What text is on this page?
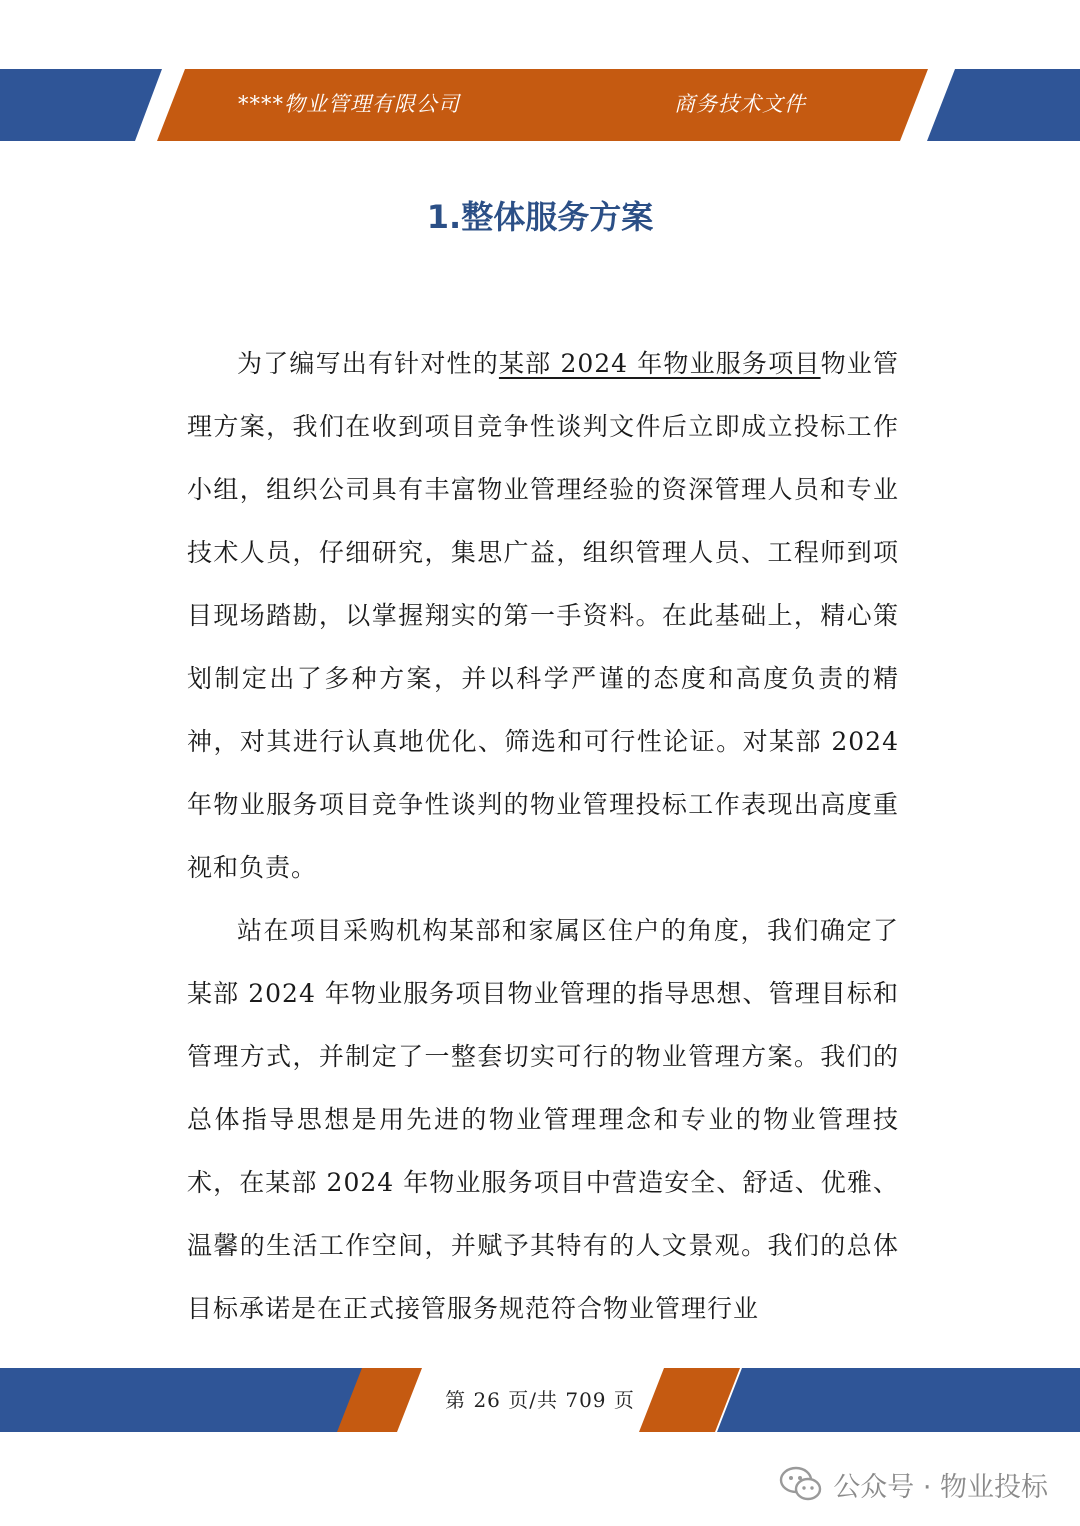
****物业管理有限公司	商务技术文件
1.整体服务方案

为了编写出有针对性的某部 2024 年物业服务项目物业管理方案，我们在收到项目竞争性谈判文件后立即成立投标工作小组，组织公司具有丰富物业管理经验的资深管理人员和专业技术人员，仔细研究，集思广益，组织管理人员、工程师到项目现场踏勘，以掌握翔实的第一手资料。在此基础上，精心策划制定出了多种方案，并以科学严谨的态度和高度负责的精神，对其进行认真地优化、筛选和可行性论证。对某部 2024 年物业服务项目竞争性谈判的物业管理投标工作表现出高度重视和负责。

站在项目采购机构某部和家属区住户的角度，我们确定了某部 2024 年物业服务项目物业管理的指导思想、管理目标和管理方式，并制定了一整套切实可行的物业管理方案。我们的总体指导思想是用先进的物业管理理念和专业的物业管理技术，在某部 2024 年物业服务项目中营造安全、舒适、优雅、温馨的生活工作空间，并赋予其特有的人文景观。我们的总体目标承诺是在正式接管服务规范符合物业管理行业

第 26 页/共 709 页
公众号 · 物业投标
